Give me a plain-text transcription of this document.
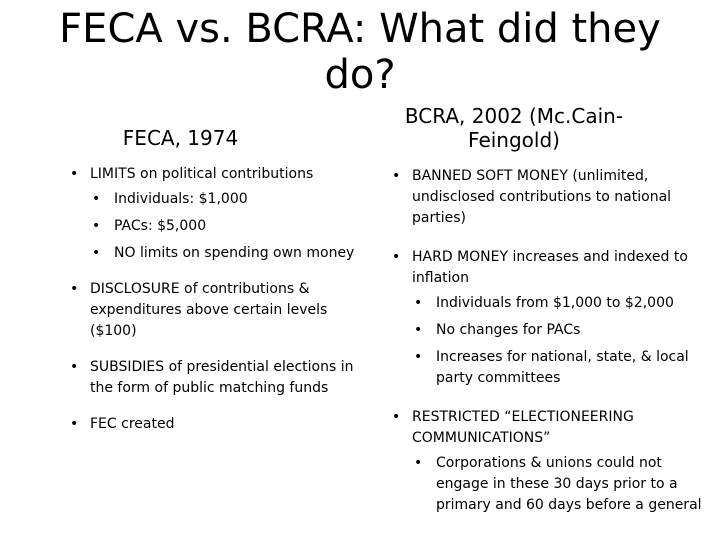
FECA vs. BCRA: What did they do?
FECA, 1974
• LIMITS on political contributions
• Individuals: $1,000
• PACs: $5,000
• NO limits on spending own money
• DISCLOSURE of contributions & expenditures above certain levels ($100)
• SUBSIDIES of presidential elections in the form of public matching funds
• FEC created
BCRA, 2002 (Mc.Cain-Feingold)
• BANNED SOFT MONEY (unlimited, undisclosed contributions to national parties)
• HARD MONEY increases and indexed to inflation
• Individuals from $1,000 to $2,000
• No changes for PACs
• Increases for national, state, & local party committees
• RESTRICTED “ELECTIONEERING COMMUNICATIONS”
• Corporations & unions could not engage in these 30 days prior to a primary and 60 days before a general
